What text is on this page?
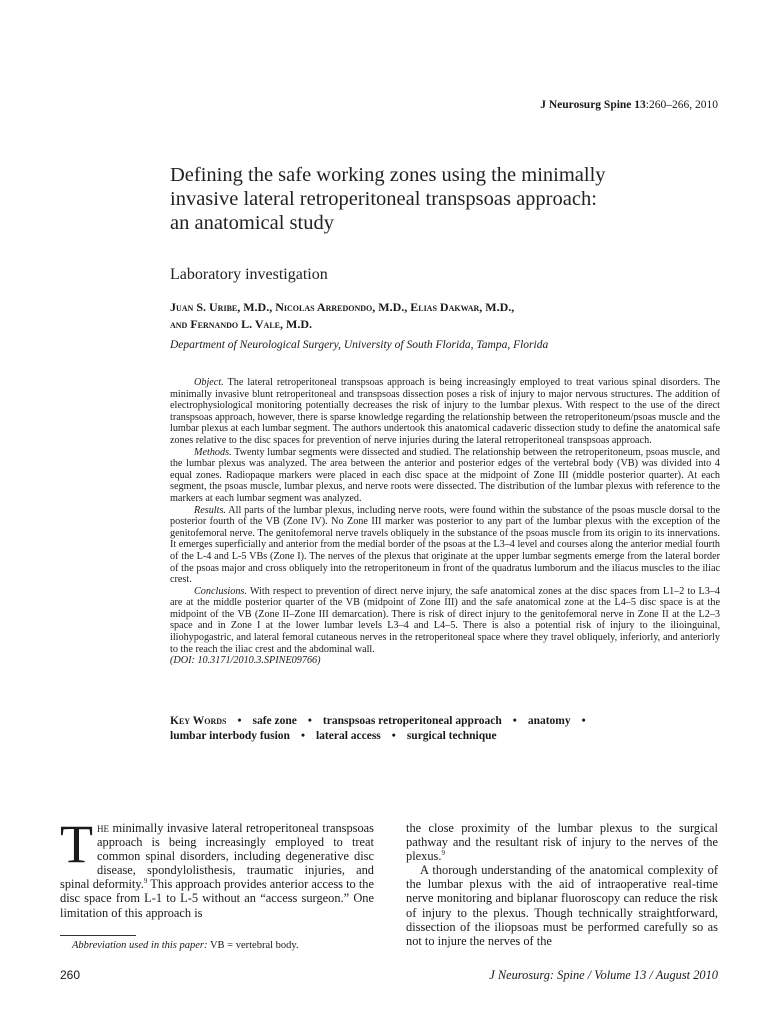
J Neurosurg Spine 13:260–266, 2010
Defining the safe working zones using the minimally
invasive lateral retroperitoneal transpsoas approach:
an anatomical study
Laboratory investigation
Juan S. Uribe, M.D., Nicolas Arredondo, M.D., Elias Dakwar, M.D.,
and Fernando L. Vale, M.D.
Department of Neurological Surgery, University of South Florida, Tampa, Florida

Object. The lateral retroperitoneal transpsoas approach is being increasingly employed to treat various spinal disorders. The minimally invasive blunt retroperitoneal and transpsoas dissection poses a risk of injury to major nervous structures. The addition of electrophysiological monitoring potentially decreases the risk of injury to the lumbar plexus. With respect to the use of the direct transpsoas approach, however, there is sparse knowledge regarding the relationship between the retroperitoneum/psoas muscle and the lumbar plexus at each lumbar segment. The authors undertook this anatomical cadaveric dissection study to define the anatomical safe zones relative to the disc spaces for prevention of nerve injuries during the lateral retroperitoneal transpsoas approach.

Methods. Twenty lumbar segments were dissected and studied. The relationship between the retroperitoneum, psoas muscle, and the lumbar plexus was analyzed. The area between the anterior and posterior edges of the vertebral body (VB) was divided into 4 equal zones. Radiopaque markers were placed in each disc space at the midpoint of Zone III (middle posterior quarter). At each segment, the psoas muscle, lumbar plexus, and nerve roots were dissected. The distribution of the lumbar plexus with reference to the markers at each lumbar segment was analyzed.

Results. All parts of the lumbar plexus, including nerve roots, were found within the substance of the psoas muscle dorsal to the posterior fourth of the VB (Zone IV). No Zone III marker was posterior to any part of the lumbar plexus with the exception of the genitofemoral nerve. The genitofemoral nerve travels obliquely in the substance of the psoas muscle from its origin to its innervations. It emerges superficially and anterior from the medial border of the psoas at the L3–4 level and courses along the anterior medial fourth of the L-4 and L-5 VBs (Zone I). The nerves of the plexus that originate at the upper lumbar segments emerge from the lateral border of the psoas major and cross obliquely into the retroperitoneum in front of the quadratus lumborum and the iliacus muscles to the iliac crest.

Conclusions. With respect to prevention of direct nerve injury, the safe anatomical zones at the disc spaces from L1–2 to L3–4 are at the middle posterior quarter of the VB (midpoint of Zone III) and the safe anatomical zone at the L4–5 disc space is at the midpoint of the VB (Zone II–Zone III demarcation). There is risk of direct injury to the genitofemoral nerve in Zone II at the L2–3 space and in Zone I at the lower lumbar levels L3–4 and L4–5. There is also a potential risk of injury to the ilioinguinal, iliohypogastric, and lateral femoral cutaneous nerves in the retroperitoneal space where they travel obliquely, inferiorly, and anteriorly to the reach the iliac crest and the abdominal wall.

(DOI: 10.3171/2010.3.SPINE09766)

Key Words • safe zone • transpsoas retroperitoneal approach • anatomy •
lumbar interbody fusion • lateral access • surgical technique

The minimally invasive lateral retroperitoneal transpsoas approach is being increasingly employed to treat common spinal disorders, including degenerative disc disease, spondylolisthesis, traumatic injuries, and spinal deformity.$^9$ This approach provides anterior access to the disc space from L-1 to L-5 without an “access surgeon.” One limitation of this approach is

the close proximity of the lumbar plexus to the surgical pathway and the resultant risk of injury to the nerves of the plexus.$^9$

A thorough understanding of the anatomical complexity of the lumbar plexus with the aid of intraoperative real-time nerve monitoring and biplanar fluoroscopy can reduce the risk of injury to the plexus. Though technically straightforward, dissection of the iliopsoas must be performed carefully so as not to injure the nerves of the

Abbreviation used in this paper: VB = vertebral body.
260	J Neurosurg: Spine / Volume 13 / August 2010
